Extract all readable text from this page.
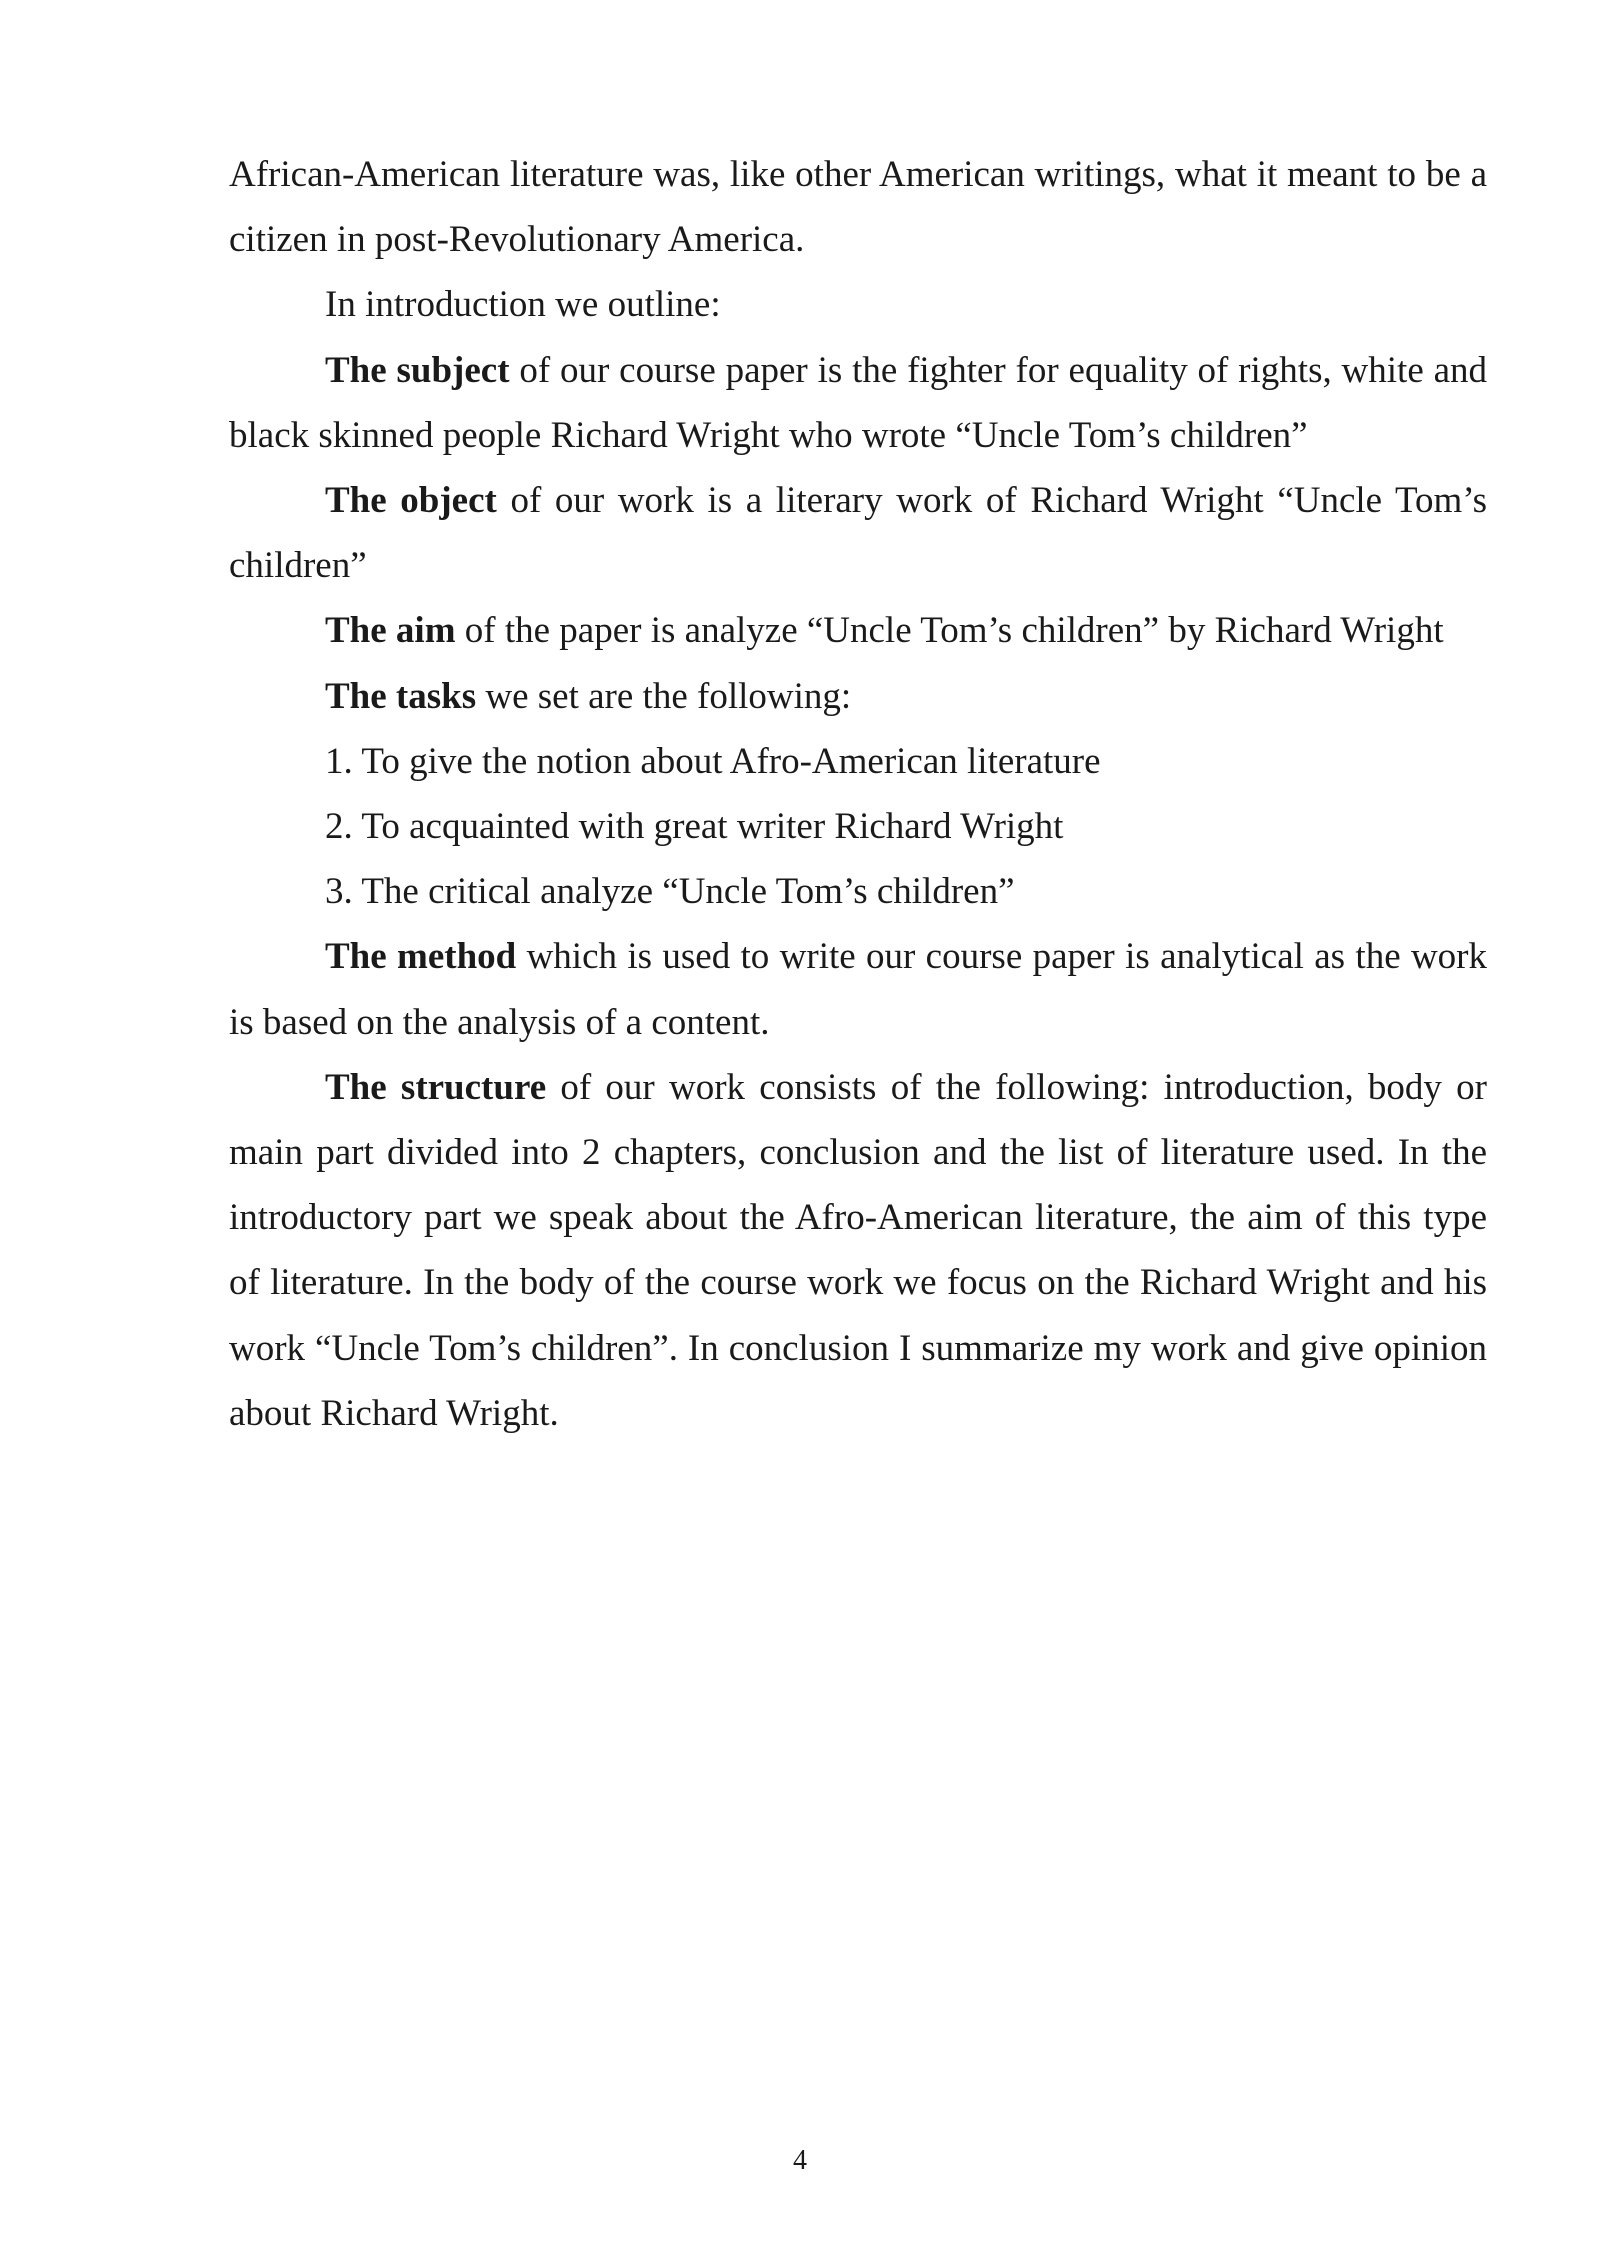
African-American literature was, like other American writings, what it meant to be a citizen in post-Revolutionary America.

In introduction we outline:

The subject of our course paper is the fighter for equality of rights, white and black skinned people Richard Wright who wrote “Uncle Tom’s children”

The object of our work is a literary work of Richard Wright “Uncle Tom’s children”

The aim of the paper is analyze “Uncle Tom’s children” by Richard Wright

The tasks we set are the following:

1. To give the notion about Afro-American literature

2. To acquainted with great writer Richard Wright

3. The critical analyze “Uncle Tom’s children”

The method which is used to write our course paper is analytical as the work is based on the analysis of a content.

The structure of our work consists of the following: introduction, body or main part divided into 2 chapters, conclusion and the list of literature used. In the introductory part we speak about the Afro-American literature, the aim of this type of literature. In the body of the course work we focus on the Richard Wright and his work “Uncle Tom’s children”. In conclusion I summarize my work and give opinion about Richard Wright.

4
